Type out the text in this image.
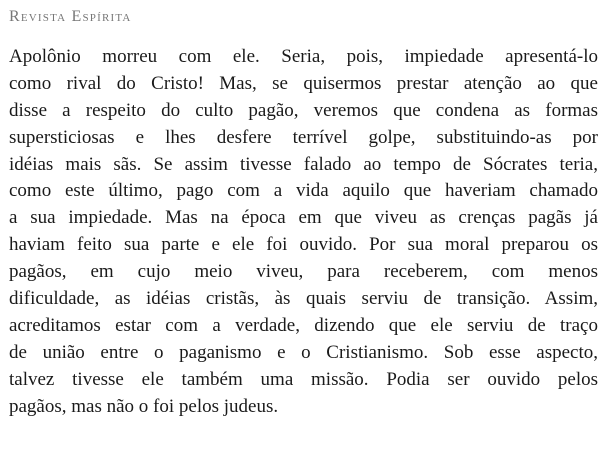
Revista Espírita
Apolônio morreu com ele. Seria, pois, impiedade apresentá-lo
como rival do Cristo! Mas, se quisermos prestar atenção ao que
disse a respeito do culto pagão, veremos que condena as formas
supersticiosas e lhes desfere terrível golpe, substituindo-as por
idéias mais sãs. Se assim tivesse falado ao tempo de Sócrates teria,
como este último, pago com a vida aquilo que haveriam chamado
a sua impiedade. Mas na época em que viveu as crenças pagãs já
haviam feito sua parte e ele foi ouvido. Por sua moral preparou os
pagãos, em cujo meio viveu, para receberem, com menos
dificuldade, as idéias cristãs, às quais serviu de transição. Assim,
acreditamos estar com a verdade, dizendo que ele serviu de traço
de união entre o paganismo e o Cristianismo. Sob esse aspecto,
talvez tivesse ele também uma missão. Podia ser ouvido pelos
pagãos, mas não o foi pelos judeus.
